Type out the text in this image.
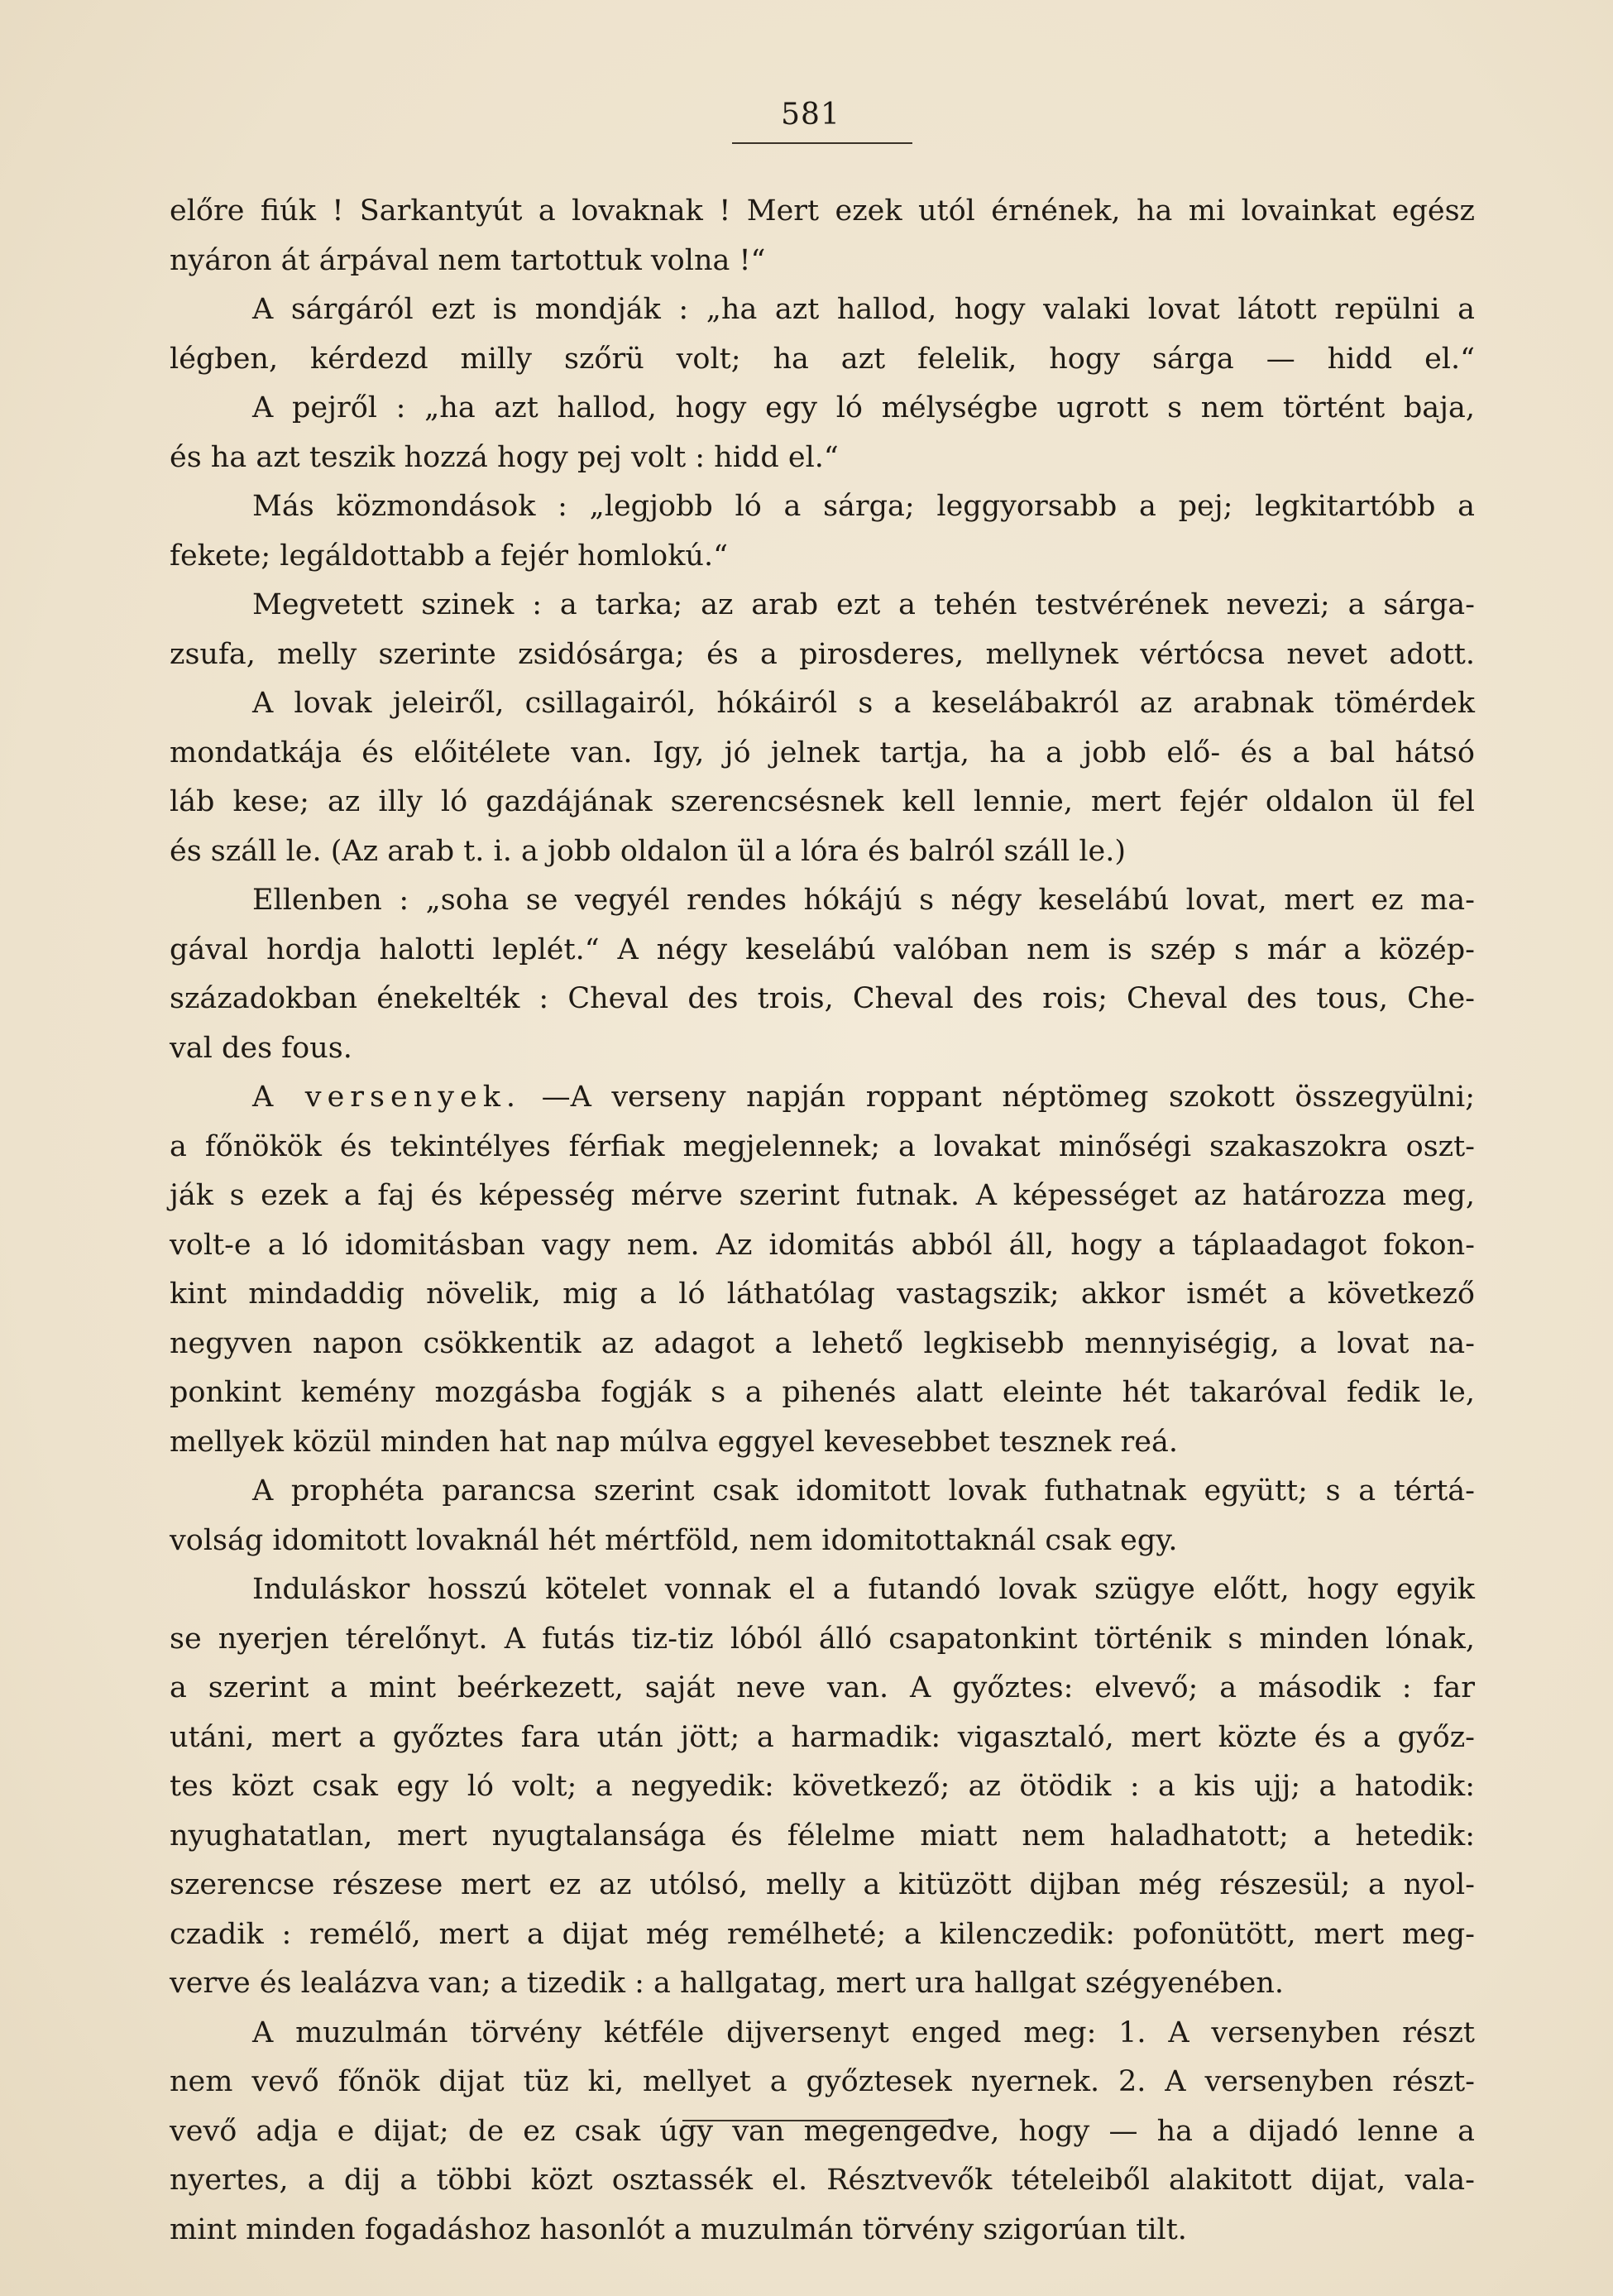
581
előre fiúk ! Sarkantyút a lovaknak ! Mert ezek utól érnének, ha mi lovainkat egész
nyáron át árpával nem tartottuk volna !“
A sárgáról ezt is mondják : „ha azt hallod, hogy valaki lovat látott repülni a
légben, kérdezd milly szőrü volt; ha azt felelik, hogy sárga — hidd el.“
A pejről : „ha azt hallod, hogy egy ló mélységbe ugrott s nem történt baja,
és ha azt teszik hozzá hogy pej volt : hidd el.“
Más közmondások : „legjobb ló a sárga; leggyorsabb a pej; legkitartóbb a
fekete; legáldottabb a fejér homlokú.“
Megvetett szinek : a tarka; az arab ezt a tehén testvérének nevezi; a sárga-
zsufa, melly szerinte zsidósárga; és a pirosderes, mellynek vértócsa nevet adott.
A lovak jeleiről, csillagairól, hókáiról s a keselábakról az arabnak tömérdek
mondatkája és előitélete van. Igy, jó jelnek tartja, ha a jobb elő- és a bal hátsó
láb kese; az illy ló gazdájának szerencsésnek kell lennie, mert fejér oldalon ül fel
és száll le. (Az arab t. i. a jobb oldalon ül a lóra és balról száll le.)
Ellenben : „soha se vegyél rendes hókájú s négy keselábú lovat, mert ez ma-
gával hordja halotti leplét.“ A négy keselábú valóban nem is szép s már a közép-
századokban énekelték : Cheval des trois, Cheval des rois; Cheval des tous, Che-
val des fous.
A versenyek. —A verseny napján roppant néptömeg szokott összegyülni;
a főnökök és tekintélyes férfiak megjelennek; a lovakat minőségi szakaszokra oszt-
ják s ezek a faj és képesség mérve szerint futnak. A képességet az határozza meg,
volt-e a ló idomitásban vagy nem. Az idomitás abból áll, hogy a táplaadagot fokon-
kint mindaddig növelik, mig a ló láthatólag vastagszik; akkor ismét a következő
negyven napon csökkentik az adagot a lehető legkisebb mennyiségig, a lovat na-
ponkint kemény mozgásba fogják s a pihenés alatt eleinte hét takaróval fedik le,
mellyek közül minden hat nap múlva eggyel kevesebbet tesznek reá.
A prophéta parancsa szerint csak idomitott lovak futhatnak együtt; s a tértá-
volság idomitott lovaknál hét mértföld, nem idomitottaknál csak egy.
Induláskor hosszú kötelet vonnak el a futandó lovak szügye előtt, hogy egyik
se nyerjen térelőnyt. A futás tiz-tiz lóból álló csapatonkint történik s minden lónak,
a szerint a mint beérkezett, saját neve van. A győztes: elvevő; a második : far
utáni, mert a győztes fara után jött; a harmadik: vigasztaló, mert közte és a győz-
tes közt csak egy ló volt; a negyedik: következő; az ötödik : a kis ujj; a hatodik:
nyughatatlan, mert nyugtalansága és félelme miatt nem haladhatott; a hetedik:
szerencse részese mert ez az utólsó, melly a kitüzött dijban még részesül; a nyol-
czadik : remélő, mert a dijat még remélheté; a kilenczedik: pofonütött, mert meg-
verve és lealázva van; a tizedik : a hallgatag, mert ura hallgat szégyenében.
A muzulmán törvény kétféle dijversenyt enged meg: 1. A versenyben részt
nem vevő főnök dijat tüz ki, mellyet a győztesek nyernek. 2. A versenyben részt-
vevő adja e dijat; de ez csak úgy van megengedve, hogy — ha a dijadó lenne a
nyertes, a dij a többi közt osztassék el. Résztvevők tételeiből alakitott dijat, vala-
mint minden fogadáshoz hasonlót a muzulmán törvény szigorúan tilt.
